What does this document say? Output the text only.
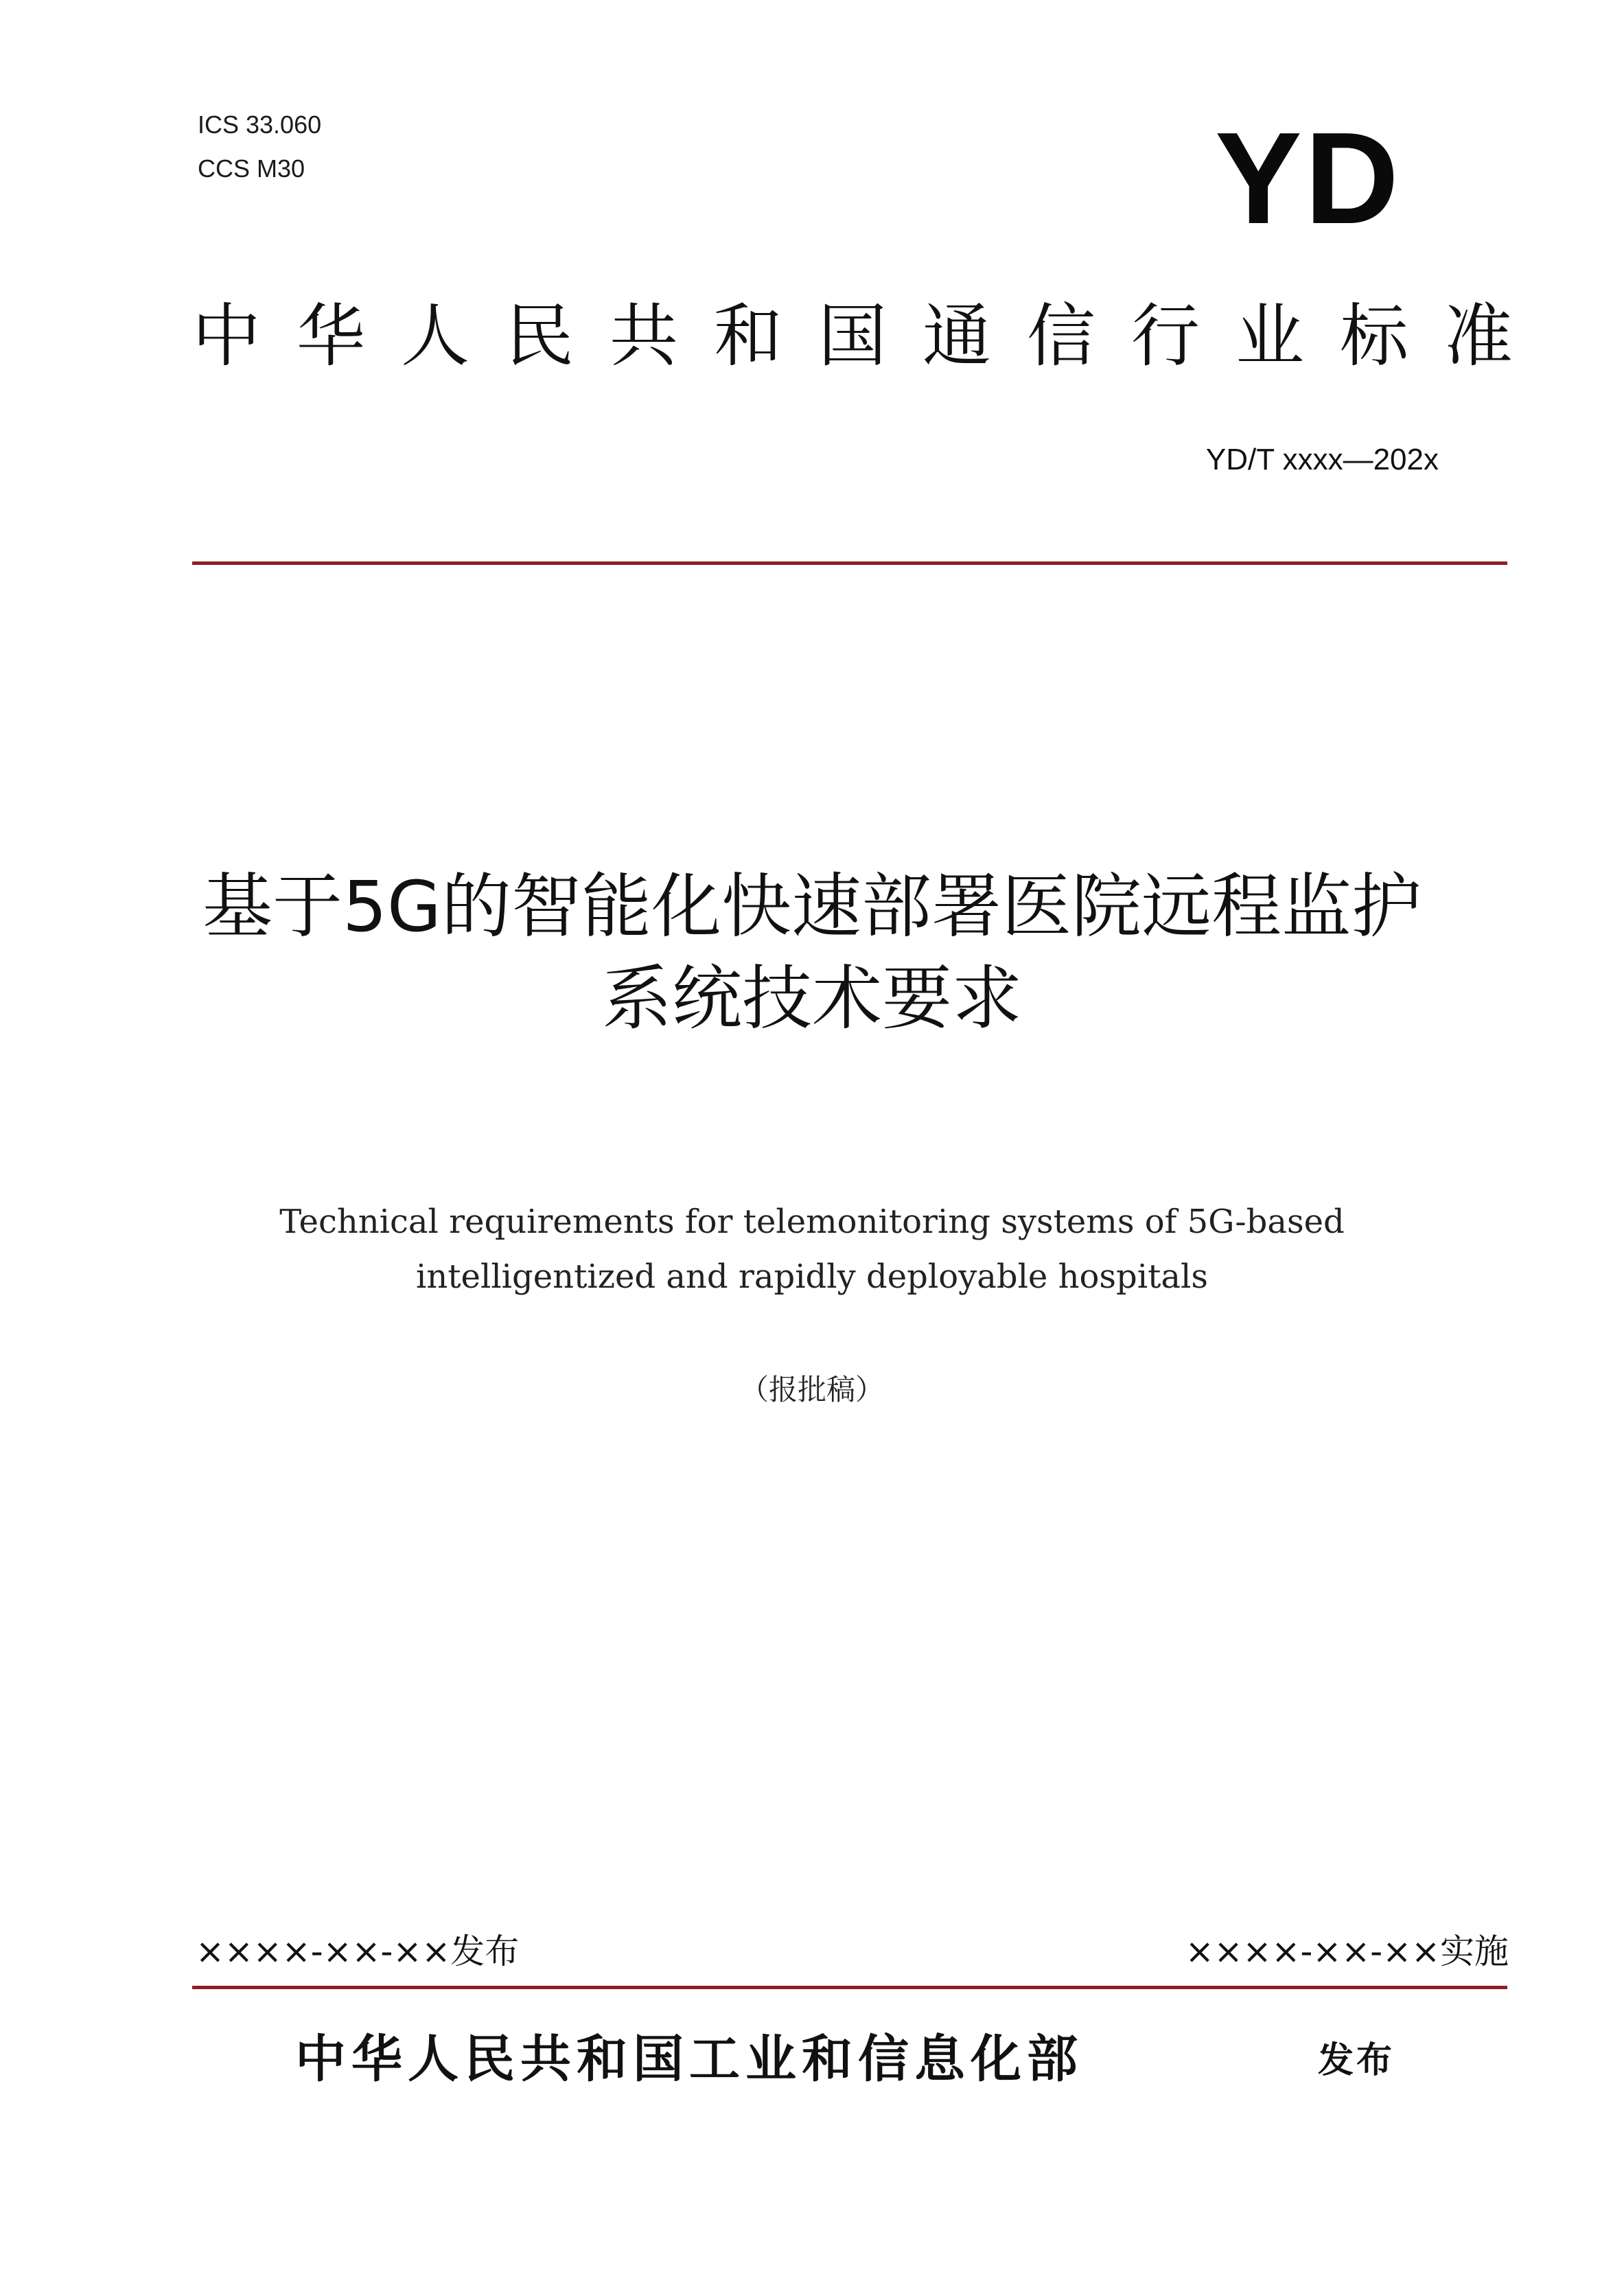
ICS 33.060
CCS M30	YD
中华人民共和国通信行业标准
YD/T xxxx—202x
基于5G的智能化快速部署医院远程监护
系统技术要求
Technical requirements for telemonitoring systems of 5G-based
intelligentized and rapidly deployable hospitals
（报批稿）
××××-××-××发布	××××-××-××实施
中华人民共和国工业和信息化部	发布
